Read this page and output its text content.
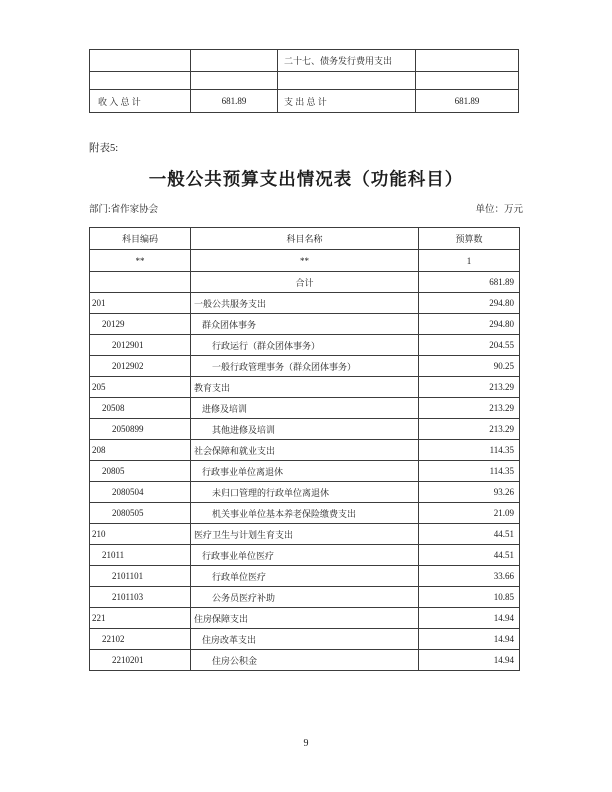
		二十七、债务发行费用支出	

收 入 总 计	681.89	支 出 总 计	681.89
附表5:
一般公共预算支出情况表（功能科目）
部门:省作家协会	单位：万元
科目编码	科目名称	预算数
**	**	1
	合计	681.89
201	一般公共服务支出	294.80
20129	群众团体事务	294.80
2012901	行政运行（群众团体事务）	204.55
2012902	一般行政管理事务（群众团体事务）	90.25
205	教育支出	213.29
20508	进修及培训	213.29
2050899	其他进修及培训	213.29
208	社会保障和就业支出	114.35
20805	行政事业单位离退休	114.35
2080504	未归口管理的行政单位离退休	93.26
2080505	机关事业单位基本养老保险缴费支出	21.09
210	医疗卫生与计划生育支出	44.51
21011	行政事业单位医疗	44.51
2101101	行政单位医疗	33.66
2101103	公务员医疗补助	10.85
221	住房保障支出	14.94
22102	住房改革支出	14.94
2210201	住房公积金	14.94
9
